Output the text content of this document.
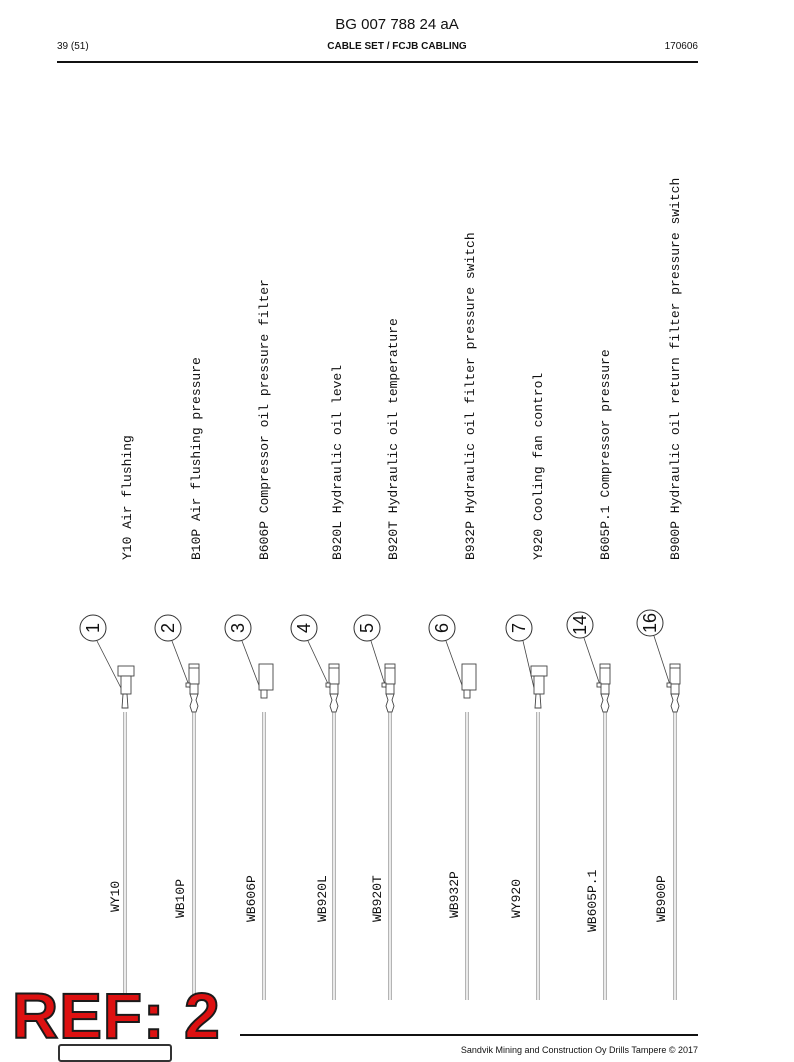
BG 007 788 24 aA
39 (51)	CABLE SET / FCJB CABLING	170606
Y10 Air flushing
1
WY10
B10P Air flushing pressure
2
WB10P
B606P Compressor oil pressure filter
3
WB606P
B920L Hydraulic oil level
4
WB920L
B920T Hydraulic oil temperature
5
WB920T
B932P Hydraulic oil filter pressure switch
6
WB932P
Y920 Cooling fan control
7
WY920
B605P.1 Compressor pressure
14
WB605P.1
B900P Hydraulic oil return filter pressure switch
16
WB900P
Sandvik Mining and Construction Oy Drills Tampere © 2017
REF: 2
